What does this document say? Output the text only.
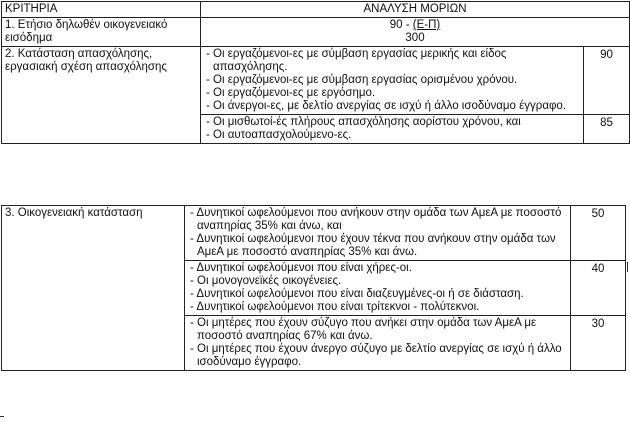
ΚΡΙΤΗΡΙΑ	ΑΝΑΛΥΣΗ ΜΟΡΙΩΝ	
1. Ετήσιο δηλωθέν οικογενειακό εισόδημα	90 - (Ε-Π)
300	

2. Κατάσταση απασχόλησης, εργασιακή σχέση απασχόλησης	- Οι εργαζόμενοι-ες με σύμβαση εργασίας μερικής και είδος απασχόλησης.
- Οι εργαζόμενοι-ες με σύμβαση εργασίας ορισμένου χρόνου.
- Οι εργαζόμενοι-ες με εργόσημο.
- Οι άνεργοι-ες, με δελτίο ανεργίας σε ισχύ ή άλλο ισοδύναμο έγγραφο.	90

	- Οι μισθωτοί-ές πλήρους απασχόλησης αορίστου χρόνου, και
- Οι αυτοαπασχολούμενο-ες.	85
3. Οικογενειακή κατάσταση	- Δυνητικοί ωφελούμενοι που ανήκουν στην ομάδα των ΑμεΑ με ποσοστό αναπηρίας 35% και άνω, και
- Δυνητικοί ωφελούμενοι που έχουν τέκνα που ανήκουν στην ομάδα των ΑμεΑ με ποσοστό αναπηρίας 35% και άνω.	50

	- Δυνητικοί ωφελούμενοι που είναι χήρες-οι.
- Οι μονογονεϊκές οικογένειες.
- Δυνητικοί ωφελούμενοι που είναι διαζευγμένες-οι ή σε διάσταση.
- Δυνητικοί ωφελούμενοι που είναι τρίτεκνοι - πολύτεκνοι.	40

	- Οι μητέρες που έχουν σύζυγο που ανήκει στην ομάδα των ΑμεΑ με ποσοστό αναπηρίας 67% και άνω.
- Οι μητέρες που έχουν άνεργο σύζυγο με δελτίο ανεργίας σε ισχύ ή άλλο ισοδύναμο έγγραφο.	30
